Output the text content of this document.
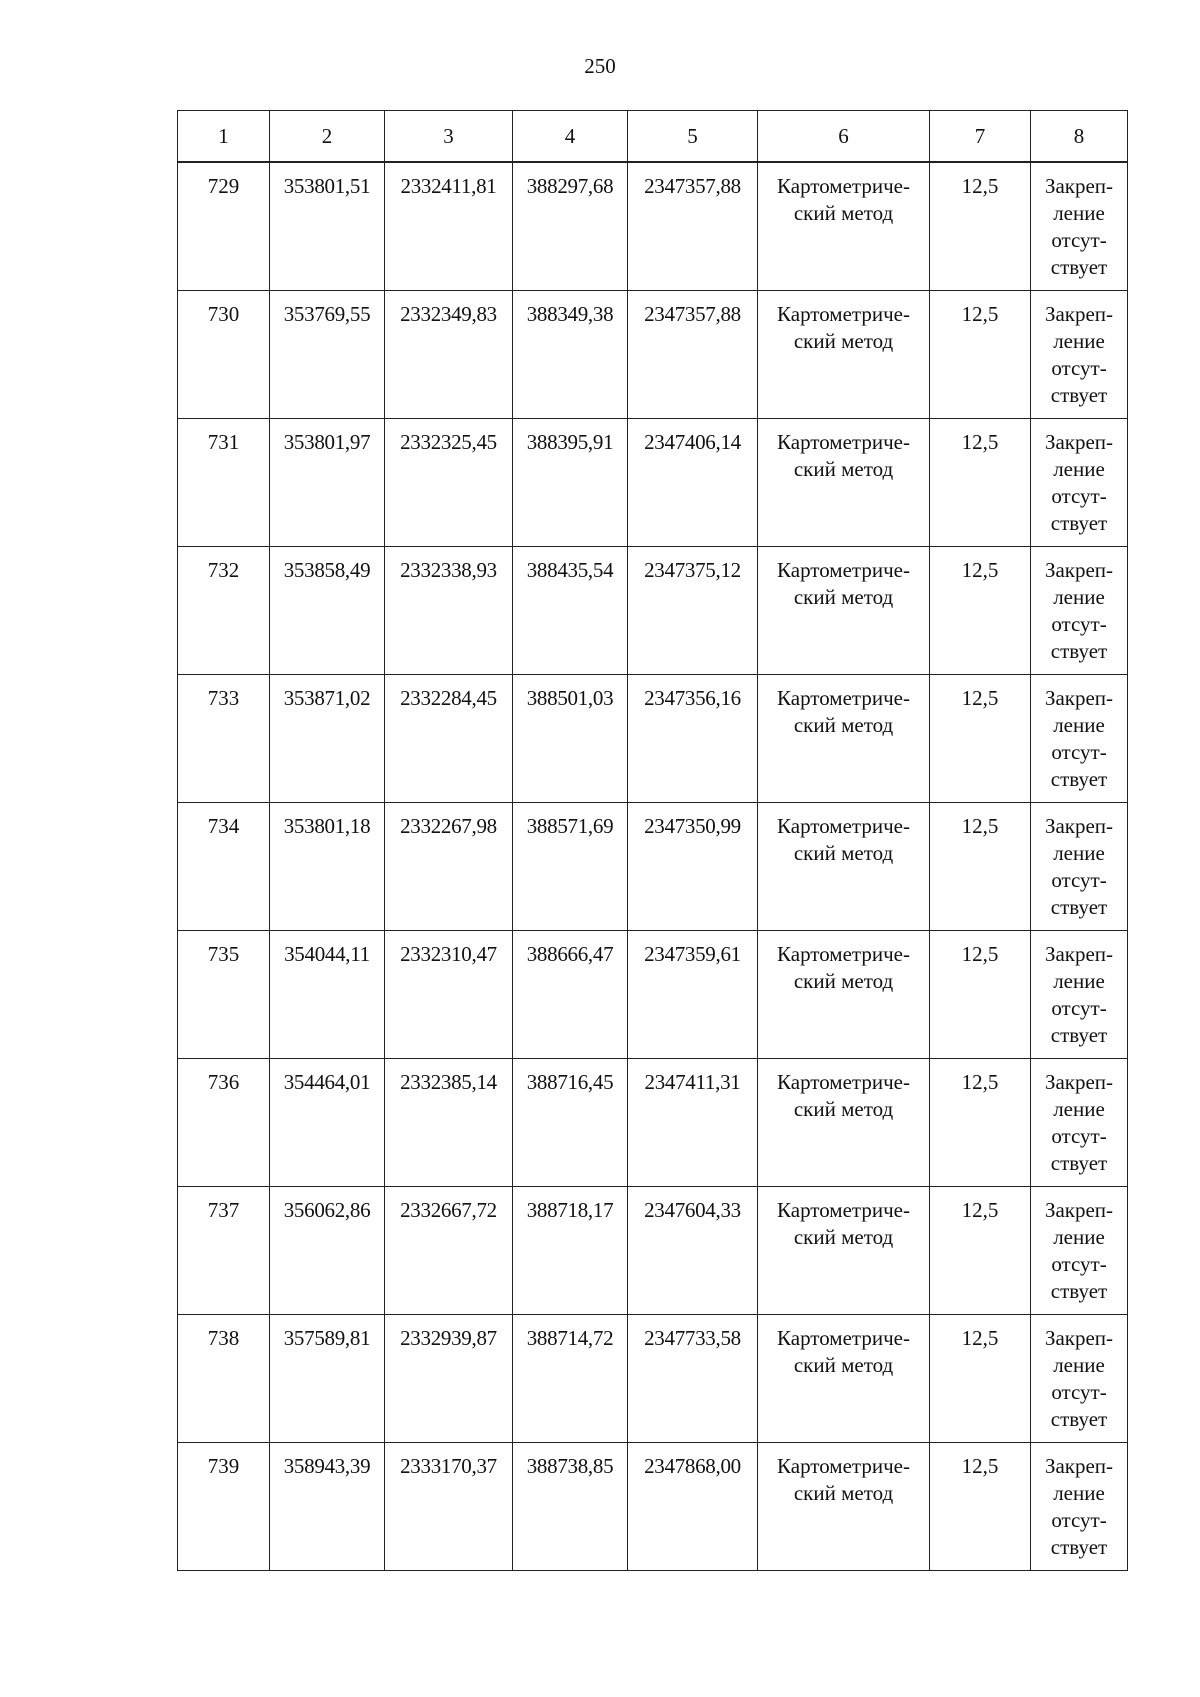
250
1	2	3	4	5	6	7	8

729	353801,51	2332411,81	388297,68	2347357,88	Картометриче-
ский метод	12,5	Закреп-
ление
отсут-
ствует

730	353769,55	2332349,83	388349,38	2347357,88	Картометриче-
ский метод	12,5	Закреп-
ление
отсут-
ствует

731	353801,97	2332325,45	388395,91	2347406,14	Картометриче-
ский метод	12,5	Закреп-
ление
отсут-
ствует

732	353858,49	2332338,93	388435,54	2347375,12	Картометриче-
ский метод	12,5	Закреп-
ление
отсут-
ствует

733	353871,02	2332284,45	388501,03	2347356,16	Картометриче-
ский метод	12,5	Закреп-
ление
отсут-
ствует

734	353801,18	2332267,98	388571,69	2347350,99	Картометриче-
ский метод	12,5	Закреп-
ление
отсут-
ствует

735	354044,11	2332310,47	388666,47	2347359,61	Картометриче-
ский метод	12,5	Закреп-
ление
отсут-
ствует

736	354464,01	2332385,14	388716,45	2347411,31	Картометриче-
ский метод	12,5	Закреп-
ление
отсут-
ствует

737	356062,86	2332667,72	388718,17	2347604,33	Картометриче-
ский метод	12,5	Закреп-
ление
отсут-
ствует

738	357589,81	2332939,87	388714,72	2347733,58	Картометриче-
ский метод	12,5	Закреп-
ление
отсут-
ствует

739	358943,39	2333170,37	388738,85	2347868,00	Картометриче-
ский метод	12,5	Закреп-
ление
отсут-
ствует
